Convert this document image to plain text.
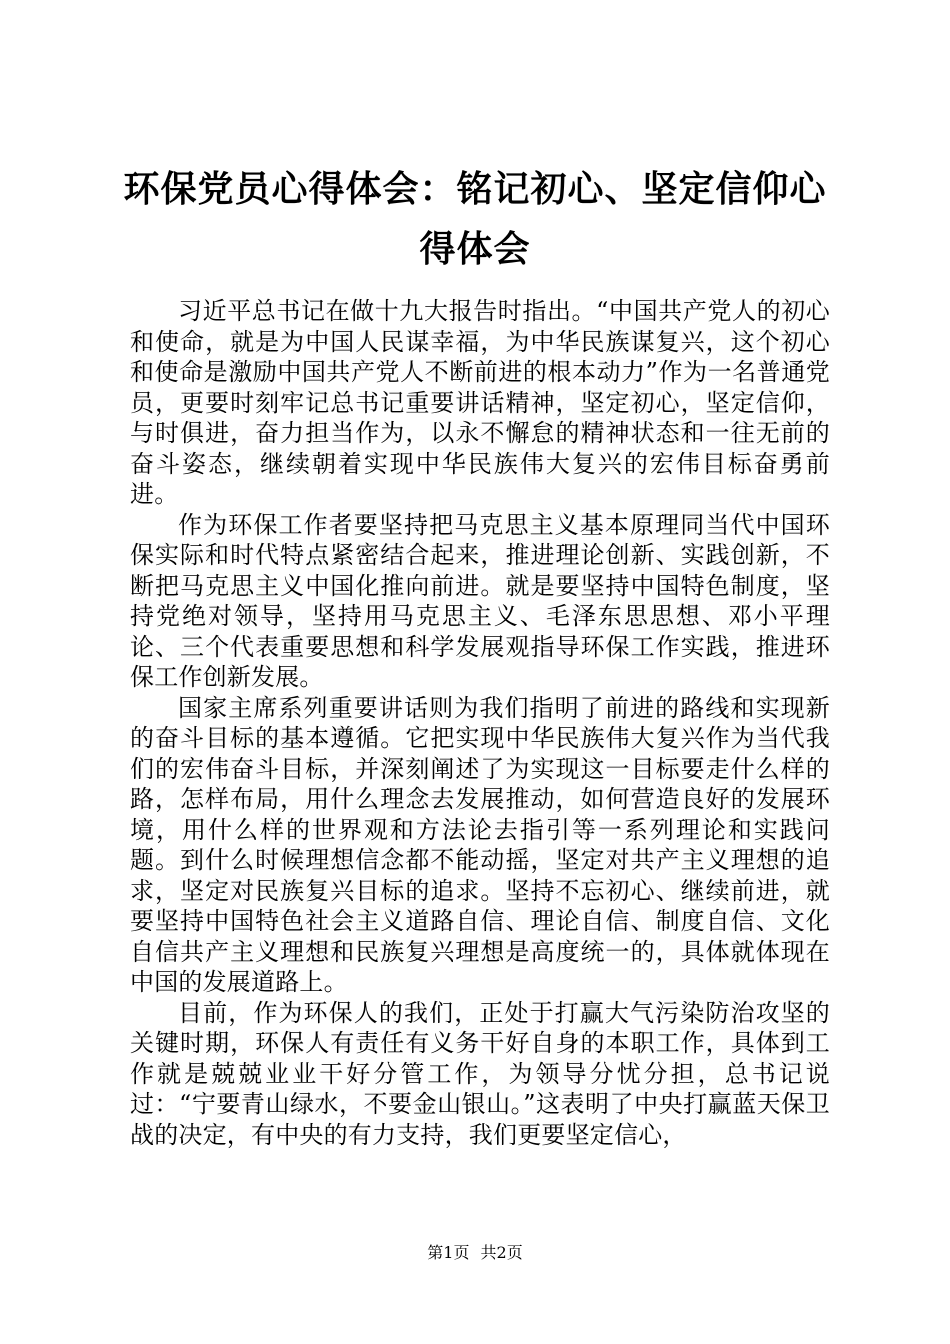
环保党员心得体会：铭记初心、坚定信仰心得体会

习近平总书记在做十九大报告时指出。“中国共产党人的初心和使命，就是为中国人民谋幸福，为中华民族谋复兴，这个初心和使命是激励中国共产党人不断前进的根本动力”作为一名普通党员，更要时刻牢记总书记重要讲话精神，坚定初心，坚定信仰，与时俱进，奋力担当作为，以永不懈怠的精神状态和一往无前的奋斗姿态，继续朝着实现中华民族伟大复兴的宏伟目标奋勇前进。

作为环保工作者要坚持把马克思主义基本原理同当代中国环保实际和时代特点紧密结合起来，推进理论创新、实践创新，不断把马克思主义中国化推向前进。就是要坚持中国特色制度，坚持党绝对领导，坚持用马克思主义、毛泽东思思想、邓小平理论、三个代表重要思想和科学发展观指导环保工作实践，推进环保工作创新发展。

国家主席系列重要讲话则为我们指明了前进的路线和实现新的奋斗目标的基本遵循。它把实现中华民族伟大复兴作为当代我们的宏伟奋斗目标，并深刻阐述了为实现这一目标要走什么样的路，怎样布局，用什么理念去发展推动，如何营造良好的发展环境，用什么样的世界观和方法论去指引等一系列理论和实践问题。到什么时候理想信念都不能动摇，坚定对共产主义理想的追求，坚定对民族复兴目标的追求。坚持不忘初心、继续前进，就要坚持中国特色社会主义道路自信、理论自信、制度自信、文化自信共产主义理想和民族复兴理想是高度统一的，具体就体现在中国的发展道路上。

目前，作为环保人的我们，正处于打赢大气污染防治攻坚的关键时期，环保人有责任有义务干好自身的本职工作，具体到工作就是兢兢业业干好分管工作，为领导分忧分担，总书记说过：“宁要青山绿水，不要金山银山。”这表明了中央打赢蓝天保卫战的决定，有中央的有力支持，我们更要坚定信心，

第1页 共2页
